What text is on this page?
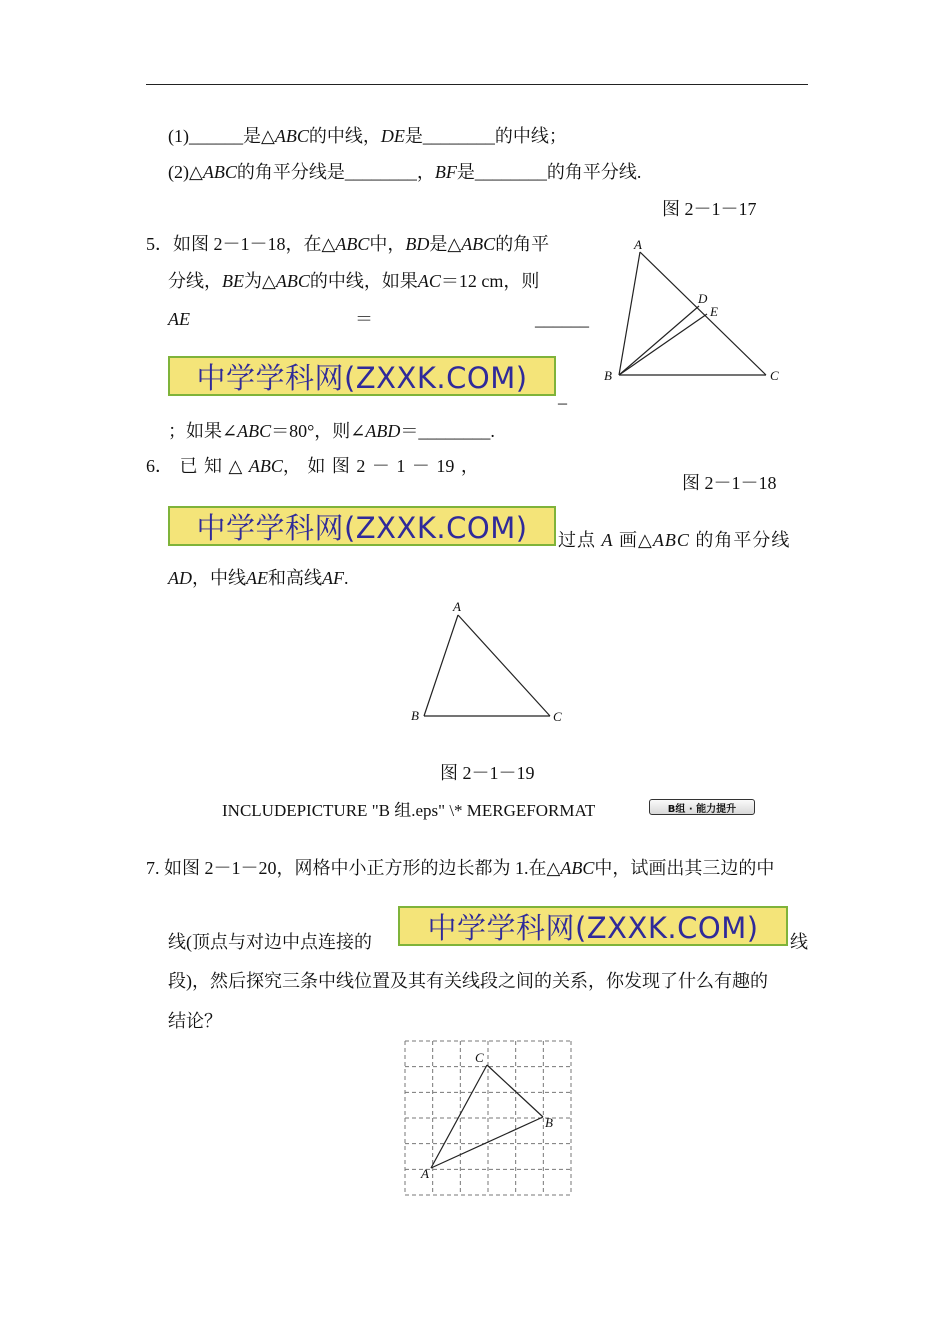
(1)______是△ABC的中线，DE是________的中线；
(2)△ABC的角平分线是________，BF是________的角平分线.
图 2－1－17
5．如图 2－1－18，在△ABC中，BD是△ABC的角平
分线，BE为△ABC的中线，如果AC＝12 cm，则
AE	＝	______
中学学科网(ZXXK.COM)
_
；如果∠ABC＝80°，则∠ABD＝________.
A
D
E
B	C
图 2－1－18
6． 已 知 △ ABC， 如 图 2 － 1 － 19 ，
中学学科网(ZXXK.COM)	过点 A 画△ABC 的角平分线
AD，中线AE和高线AF.
A
B	C
图 2－1－19
INCLUDEPICTURE "B 组.eps" \* MERGEFORMAT	B组 · 能力提升
7. 如图 2－1－20，网格中小正方形的边长都为 1.在△ABC中，试画出其三边的中
线(顶点与对边中点连接的	中学学科网(ZXXK.COM)	线
段)，然后探究三条中线位置及其有关线段之间的关系，你发现了什么有趣的
结论？
C
B
A
